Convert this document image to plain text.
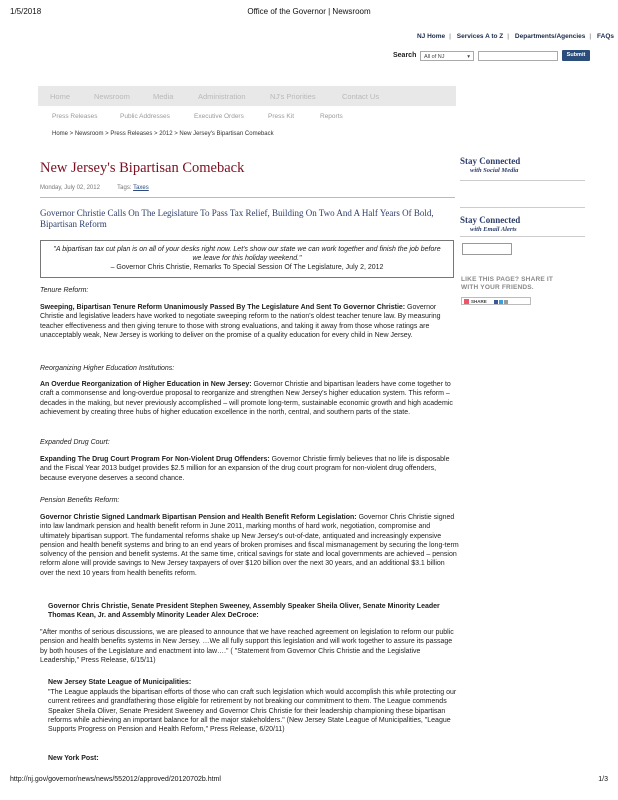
1/5/2018	Office of the Governor | Newsroom
NJ Home | Services A to Z | Departments/Agencies | FAQs
Search	All of NJ	▾	Submit
Home	Newsroom	Media	Administration	NJ's Priorities	Contact Us
Press Releases	Public Addresses	Executive Orders	Press Kit	Reports
Home > Newsroom > Press Releases > 2012 > New Jersey's Bipartisan Comeback
New Jersey's Bipartisan Comeback
Monday, July 02, 2012	Tags: Taxes
Governor Christie Calls On The Legislature To Pass Tax Relief, Building On Two And A Half Years Of Bold, Bipartisan Reform
"A bipartisan tax cut plan is on all of your desks right now. Let's show our state we can work together and finish the job before we leave for this holiday weekend."
– Governor Chris Christie, Remarks To Special Session Of The Legislature, July 2, 2012
Tenure Reform:
Sweeping, Bipartisan Tenure Reform Unanimously Passed By The Legislature And Sent To Governor Christie: Governor Christie and legislative leaders have worked to negotiate sweeping reform to the nation's oldest teacher tenure law. By measuring teacher effectiveness and then giving tenure to those with strong evaluations, and taking it away from those whose ratings are unacceptably weak, New Jersey is working to deliver on the promise of a quality education for every child in New Jersey.
Reorganizing Higher Education Institutions:
An Overdue Reorganization of Higher Education in New Jersey: Governor Christie and bipartisan leaders have come together to craft a commonsense and long-overdue proposal to reorganize and strengthen New Jersey's higher education system. This reform – decades in the making, but never previously accomplished – will promote long-term, sustainable economic growth and high academic achievement by creating three hubs of higher education excellence in the north, central, and southern parts of the state.
Expanded Drug Court:
Expanding The Drug Court Program For Non-Violent Drug Offenders: Governor Christie firmly believes that no life is disposable and the Fiscal Year 2013 budget provides $2.5 million for an expansion of the drug court program for non-violent drug offenders, because everyone deserves a second chance.
Pension Benefits Reform:
Governor Christie Signed Landmark Bipartisan Pension and Health Benefit Reform Legislation: Governor Chris Christie signed into law landmark pension and health benefit reform in June 2011, marking months of hard work, negotiation, compromise and ultimately bipartisan support. The fundamental reforms shake up New Jersey's out-of-date, antiquated and increasingly expensive pension and health benefit systems and bring to an end years of broken promises and fiscal mismanagement by securing the long-term solvency of the pension and benefit systems. At the same time, critical savings for state and local governments are achieved – pension reform alone will provide savings to New Jersey taxpayers of over $120 billion over the next 30 years, and an additional $3.1 billion over the next 10 years from health benefits reform.
Governor Chris Christie, Senate President Stephen Sweeney, Assembly Speaker Sheila Oliver, Senate Minority Leader Thomas Kean, Jr. and Assembly Minority Leader Alex DeCroce:
"After months of serious discussions, we are pleased to announce that we have reached agreement on legislation to reform our public pension and health benefits systems in New Jersey. …We all fully support this legislation and will work together to assure its passage by both houses of the Legislature and enactment into law…." ( "Statement from Governor Chris Christie and the Legislative Leadership," Press Release, 6/15/11)
New Jersey State League of Municipalities:
"The League applauds the bipartisan efforts of those who can craft such legislation which would accomplish this while protecting our current retirees and grandfathering those eligible for retirement by not breaking our commitment to them. The League commends Speaker Sheila Oliver, Senate President Sweeney and Governor Chris Christie for their leadership championing these bipartisan reforms while achieving an important balance for all the major stakeholders." (New Jersey State League of Municipalities, "League Supports Progress on Pension and Health Reform," Press Release, 6/20/11)
New York Post:
Stay Connected
with Social Media
Stay Connected
with Email Alerts
LIKE THIS PAGE? SHARE IT
WITH YOUR FRIENDS.
SHARE
http://nj.gov/governor/news/news/552012/approved/20120702b.html	1/3
